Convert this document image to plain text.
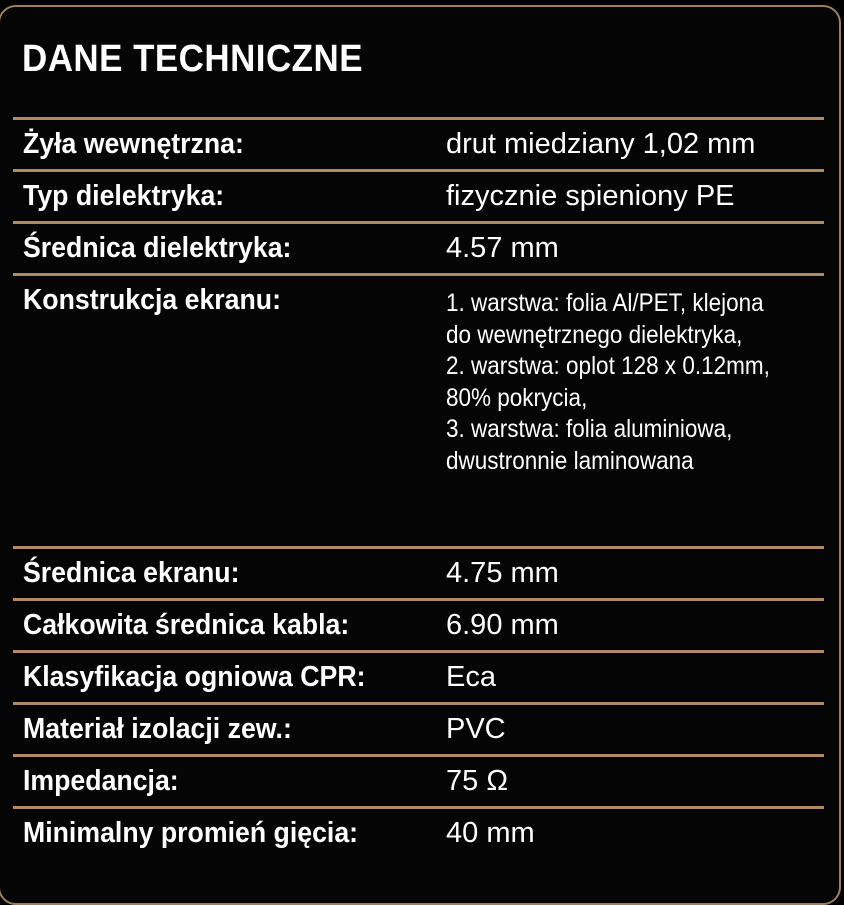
DANE TECHNICZNE
Żyła wewnętrzna:	drut miedziany 1,02 mm
Typ dielektryka:	fizycznie spieniony PE
Średnica dielektryka:	4.57 mm
Konstrukcja ekranu:	1. warstwa: folia Al/PET, klejona
do wewnętrznego dielektryka,
2. warstwa: oplot 128 x 0.12mm,
80% pokrycia,
3. warstwa: folia aluminiowa,
dwustronnie laminowana
Średnica ekranu:	4.75 mm
Całkowita średnica kabla:	6.90 mm
Klasyfikacja ogniowa CPR:	Eca
Materiał izolacji zew.:	PVC
Impedancja:	75 Ω
Minimalny promień gięcia:	40 mm
